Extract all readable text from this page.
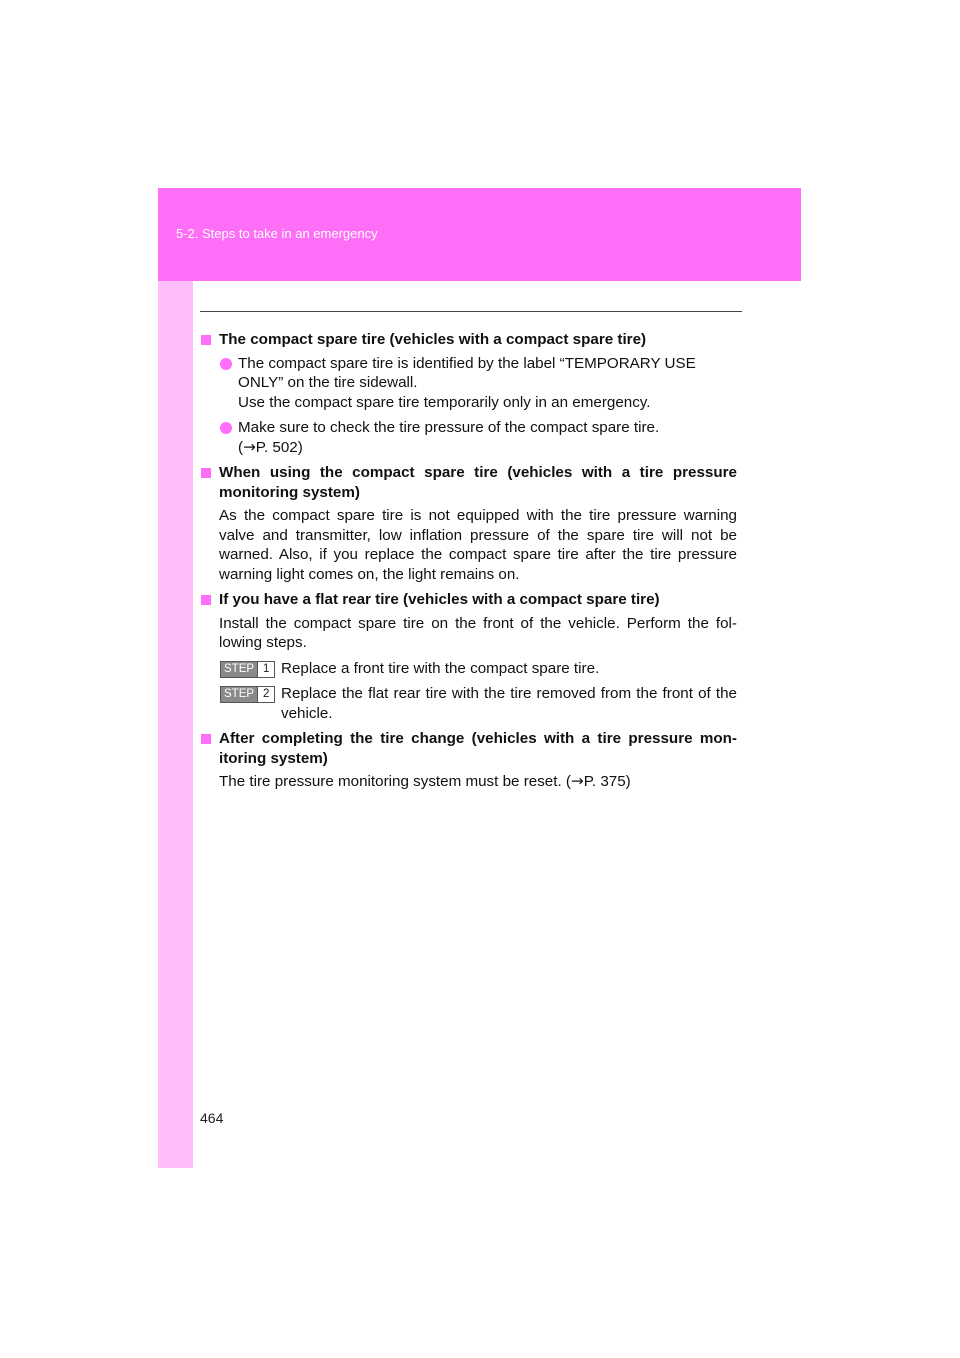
5-2. Steps to take in an emergency
The compact spare tire (vehicles with a compact spare tire)
The compact spare tire is identified by the label “TEMPORARY USE ONLY” on the tire sidewall.
Use the compact spare tire temporarily only in an emergency.
Make sure to check the tire pressure of the compact spare tire.
(→P. 502)
When using the compact spare tire (vehicles with a tire pressure monitoring system)
As the compact spare tire is not equipped with the tire pressure warning valve and transmitter, low inflation pressure of the spare tire will not be warned. Also, if you replace the compact spare tire after the tire pressure warning light comes on, the light remains on.
If you have a flat rear tire (vehicles with a compact spare tire)
Install the compact spare tire on the front of the vehicle. Perform the fol-lowing steps.
STEP 1 Replace a front tire with the compact spare tire.
STEP 2 Replace the flat rear tire with the tire removed from the front of the vehicle.
After completing the tire change (vehicles with a tire pressure mon-itoring system)
The tire pressure monitoring system must be reset. (→P. 375)
464
